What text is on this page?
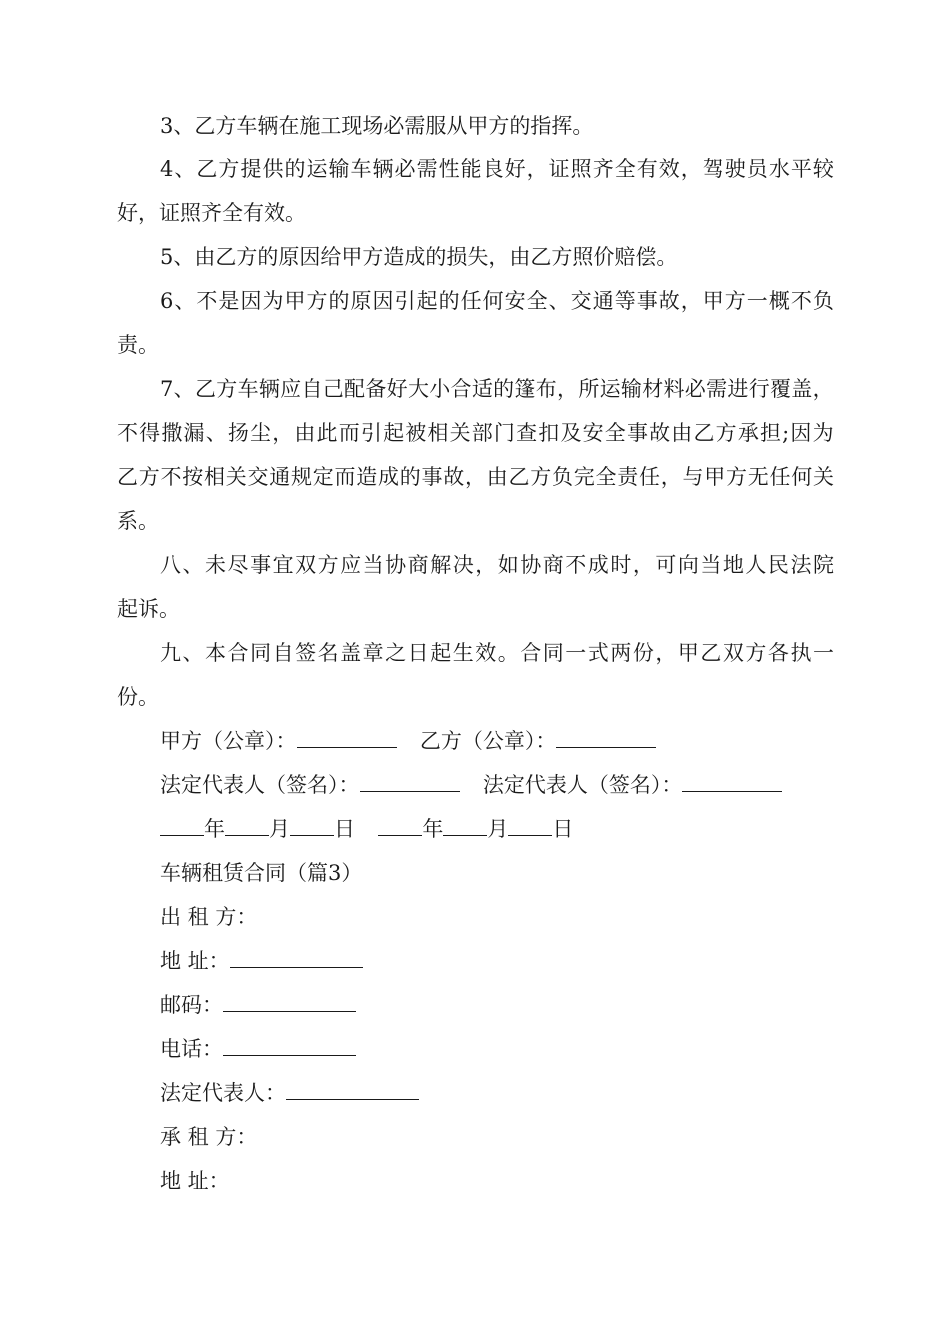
3、乙方车辆在施工现场必需服从甲方的指挥。
4 、 乙 方 提 供 的 运 输 车 辆 必 需 性 能 良 好 ， 证 照 齐 全 有 效 ， 驾 驶 员 水 平 较
好，证照齐全有效。
5、由乙方的原因给甲方造成的损失，由乙方照价赔偿。
6 、 不 是 因 为 甲 方 的 原 因 引 起 的 任 何 安 全 、 交 通 等 事 故 ， 甲 方 一 概 不 负
责。
7 、 乙 方 车 辆 应 自 己 配 备 好 大 小 合 适 的 篷 布 ， 所 运 输 材 料 必 需 进 行 覆 盖 ，
不 得 撒 漏 、 扬 尘 ， 由 此 而 引 起 被 相 关 部 门 查 扣 及 安 全 事 故 由 乙 方 承 担 ; 因 为
乙 方 不 按 相 关 交 通 规 定 而 造 成 的 事 故 ， 由 乙 方 负 完 全 责 任 ， 与 甲 方 无 任 何 关
系。
八 、 未 尽 事 宜 双 方 应 当 协 商 解 决 ， 如 协 商 不 成 时 ， 可 向 当 地 人 民 法 院
起诉。
九 、 本 合 同 自 签 名 盖 章 之 日 起 生 效 。 合 同 一 式 两 份 ， 甲 乙 双 方 各 执 一
份。
甲方（公章）：	乙方（公章）：
法定代表人（签名）：	法定代表人（签名）：
年 月 日	年 月 日
车辆租赁合同（篇3）
出 租 方：
地 址：
邮码：
电话：
法定代表人：
承 租 方：
地 址：
